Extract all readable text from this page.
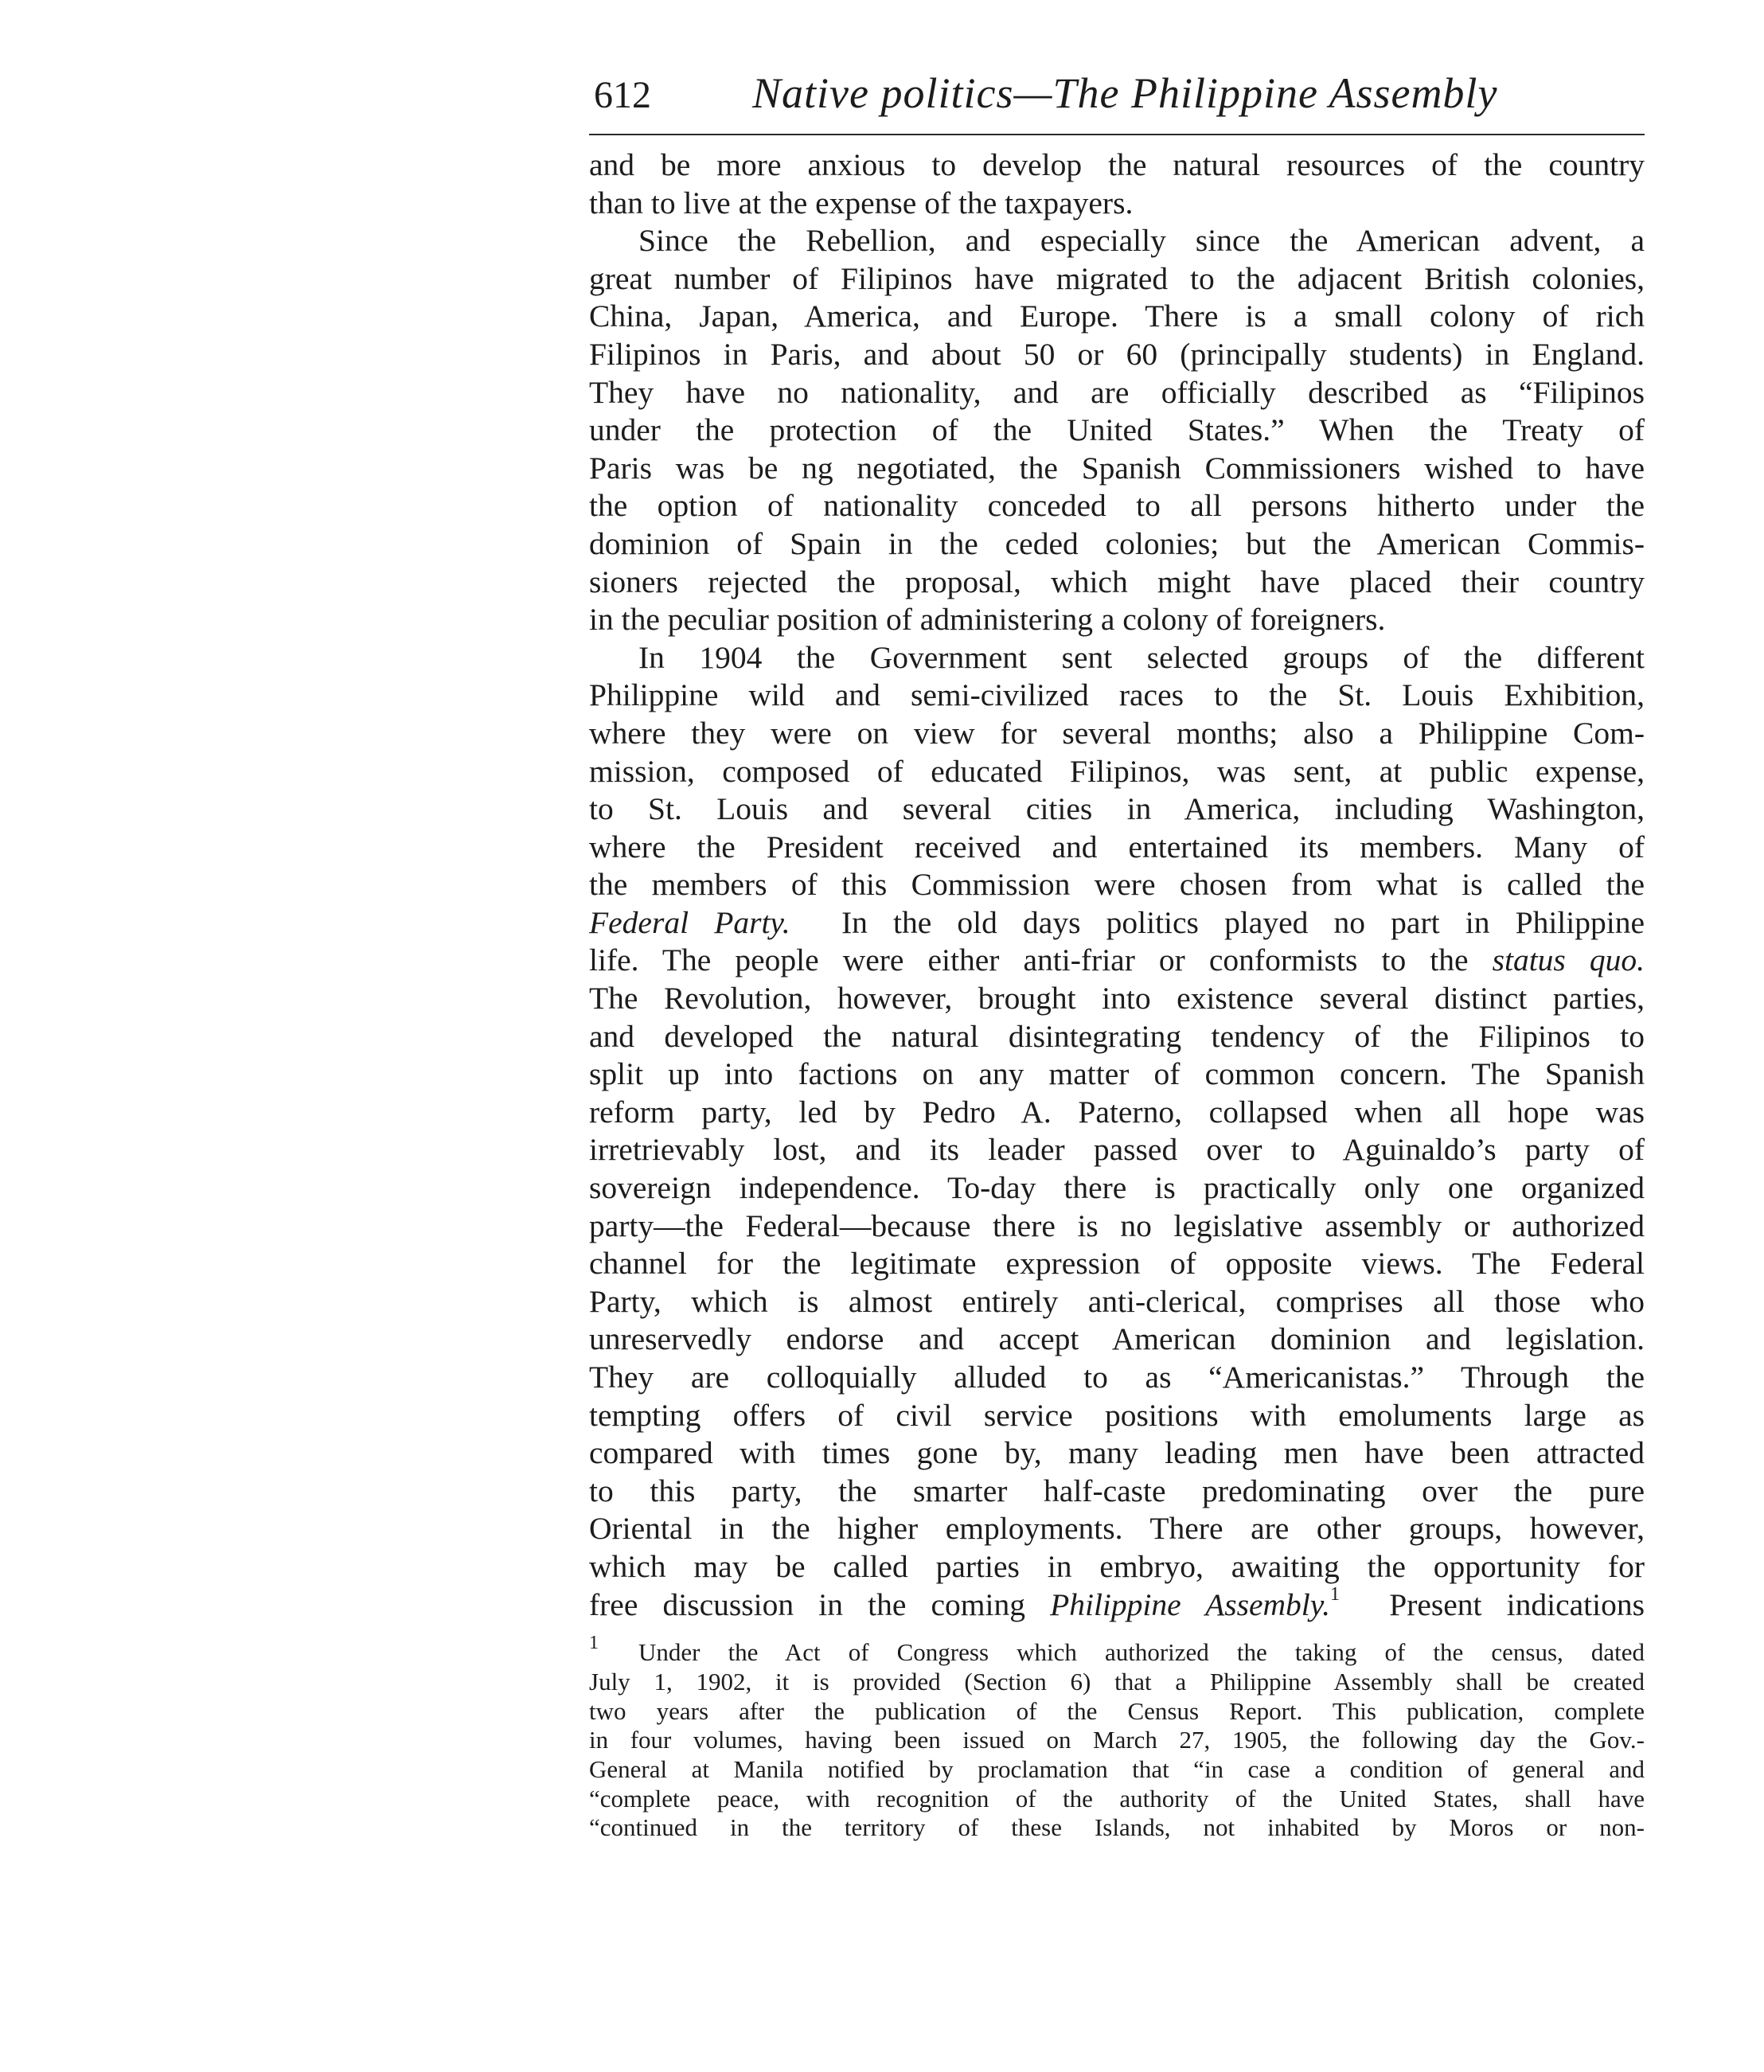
612 Native politics—The Philippine Assembly

and be more anxious to develop the natural resources of the country

than to live at the expense of the taxpayers.

Since the Rebellion, and especially since the American advent, a

great number of Filipinos have migrated to the adjacent British colonies,

China, Japan, America, and Europe. There is a small colony of rich

Filipinos in Paris, and about 50 or 60 (principally students) in England.

They have no nationality, and are officially described as “Filipinos

under the protection of the United States.” When the Treaty of

Paris was be ng negotiated, the Spanish Commissioners wished to have

the option of nationality conceded to all persons hitherto under the

dominion of Spain in the ceded colonies; but the American Commis-

sioners rejected the proposal, which might have placed their country

in the peculiar position of administering a colony of foreigners.

In 1904 the Government sent selected groups of the different

Philippine wild and semi-civilized races to the St. Louis Exhibition,

where they were on view for several months; also a Philippine Com-

mission, composed of educated Filipinos, was sent, at public expense,

to St. Louis and several cities in America, including Washington,

where the President received and entertained its members. Many of

the members of this Commission were chosen from what is called the

Federal Party. In the old days politics played no part in Philippine

life. The people were either anti-friar or conformists to the status quo.

The Revolution, however, brought into existence several distinct parties,

and developed the natural disintegrating tendency of the Filipinos to

split up into factions on any matter of common concern. The Spanish

reform party, led by Pedro A. Paterno, collapsed when all hope was

irretrievably lost, and its leader passed over to Aguinaldo’s party of

sovereign independence. To-day there is practically only one organized

party—the Federal—because there is no legislative assembly or authorized

channel for the legitimate expression of opposite views. The Federal

Party, which is almost entirely anti-clerical, comprises all those who

unreservedly endorse and accept American dominion and legislation.

They are colloquially alluded to as “Americanistas.” Through the

tempting offers of civil service positions with emoluments large as

compared with times gone by, many leading men have been attracted

to this party, the smarter half-caste predominating over the pure

Oriental in the higher employments. There are other groups, however,

which may be called parties in embryo, awaiting the opportunity for

free discussion in the coming Philippine Assembly.$^1$ Present indications

$^1$ Under the Act of Congress which authorized the taking of the census, dated

July 1, 1902, it is provided (Section 6) that a Philippine Assembly shall be created

two years after the publication of the Census Report. This publication, complete

in four volumes, having been issued on March 27, 1905, the following day the Gov.-

General at Manila notified by proclamation that “in case a condition of general and

“complete peace, with recognition of the authority of the United States, shall have

“continued in the territory of these Islands, not inhabited by Moros or non-
